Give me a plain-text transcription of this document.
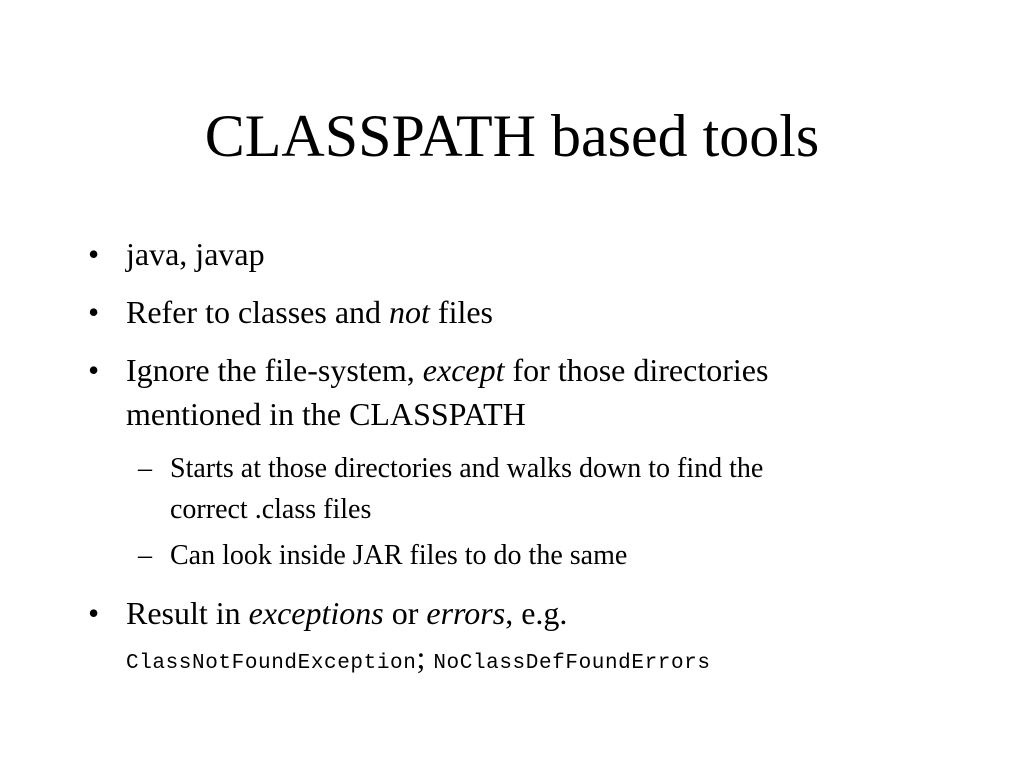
CLASSPATH based tools
• java, javap
• Refer to classes and not files
• Ignore the file-system, except for those directories
mentioned in the CLASSPATH
– Starts at those directories and walks down to find the
correct .class files
– Can look inside JAR files to do the same
• Result in exceptions or errors, e.g.
ClassNotFoundException; NoClassDefFoundErrors
